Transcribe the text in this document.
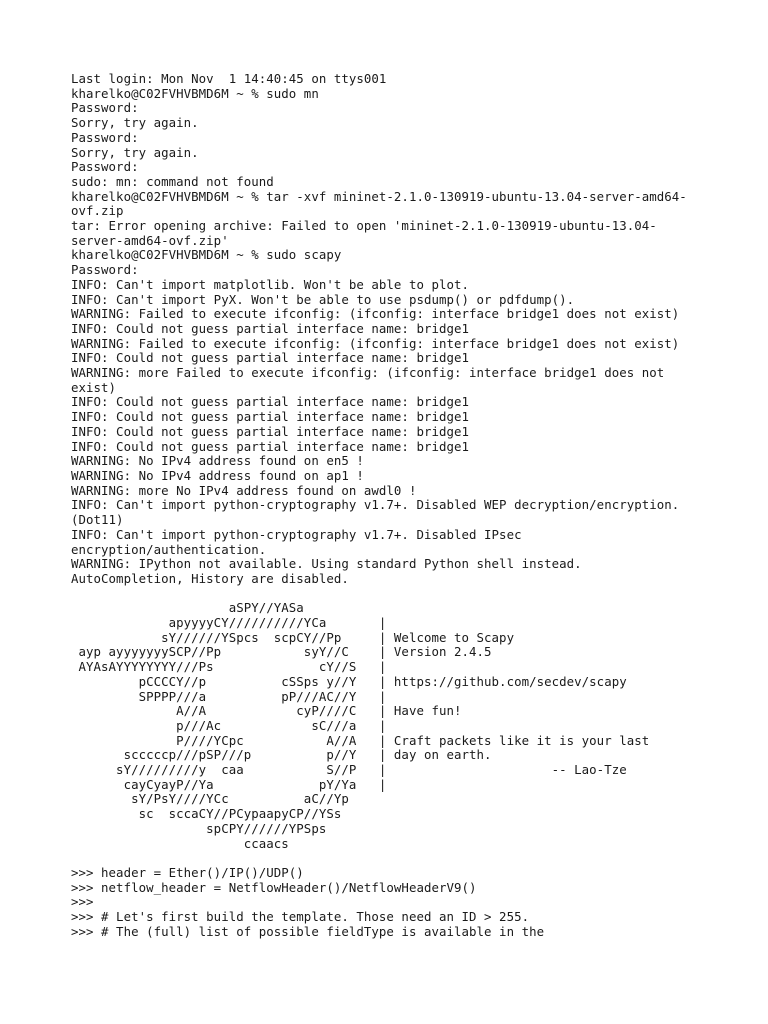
Last login: Mon Nov  1 14:40:45 on ttys001
kharelko@C02FVHVBMD6M ~ % sudo mn
Password:
Sorry, try again.
Password:
Sorry, try again.
Password:
sudo: mn: command not found
kharelko@C02FVHVBMD6M ~ % tar -xvf mininet-2.1.0-130919-ubuntu-13.04-server-amd64-
ovf.zip
tar: Error opening archive: Failed to open 'mininet-2.1.0-130919-ubuntu-13.04-
server-amd64-ovf.zip'
kharelko@C02FVHVBMD6M ~ % sudo scapy
Password:
INFO: Can't import matplotlib. Won't be able to plot.
INFO: Can't import PyX. Won't be able to use psdump() or pdfdump().
WARNING: Failed to execute ifconfig: (ifconfig: interface bridge1 does not exist)
INFO: Could not guess partial interface name: bridge1
WARNING: Failed to execute ifconfig: (ifconfig: interface bridge1 does not exist)
INFO: Could not guess partial interface name: bridge1
WARNING: more Failed to execute ifconfig: (ifconfig: interface bridge1 does not
exist)
INFO: Could not guess partial interface name: bridge1
INFO: Could not guess partial interface name: bridge1
INFO: Could not guess partial interface name: bridge1
INFO: Could not guess partial interface name: bridge1
WARNING: No IPv4 address found on en5 !
WARNING: No IPv4 address found on ap1 !
WARNING: more No IPv4 address found on awdl0 !
INFO: Can't import python-cryptography v1.7+. Disabled WEP decryption/encryption.
(Dot11)
INFO: Can't import python-cryptography v1.7+. Disabled IPsec
encryption/authentication.
WARNING: IPython not available. Using standard Python shell instead.
AutoCompletion, History are disabled.
aSPY//YASa
apyyyyCY//////////YCa       |
sY//////YSpcs  scpCY//Pp     | Welcome to Scapy
ayp ayyyyyyySCP//Pp           syY//C    | Version 2.4.5
AYAsAYYYYYYYY///Ps              cY//S   |
pCCCCY//p          cSSps y//Y   | https://github.com/secdev/scapy
SPPPP///a          pP///AC//Y   |
A//A            cyP////C   | Have fun!
p///Ac            sC///a   |
P////YCpc           A//A   | Craft packets like it is your last
scccccp///pSP///p          p//Y   | day on earth.
sY/////////y  caa           S//P   |                      -- Lao-Tze
cayCyayP//Ya              pY/Ya   |
sY/PsY////YCc          aC//Yp
sc  sccaCY//PCypaapyCP//YSs
spCPY//////YPSps
ccaacs
>>> header = Ether()/IP()/UDP()
>>> netflow_header = NetflowHeader()/NetflowHeaderV9()
>>>
>>> # Let's first build the template. Those need an ID > 255.
>>> # The (full) list of possible fieldType is available in the
